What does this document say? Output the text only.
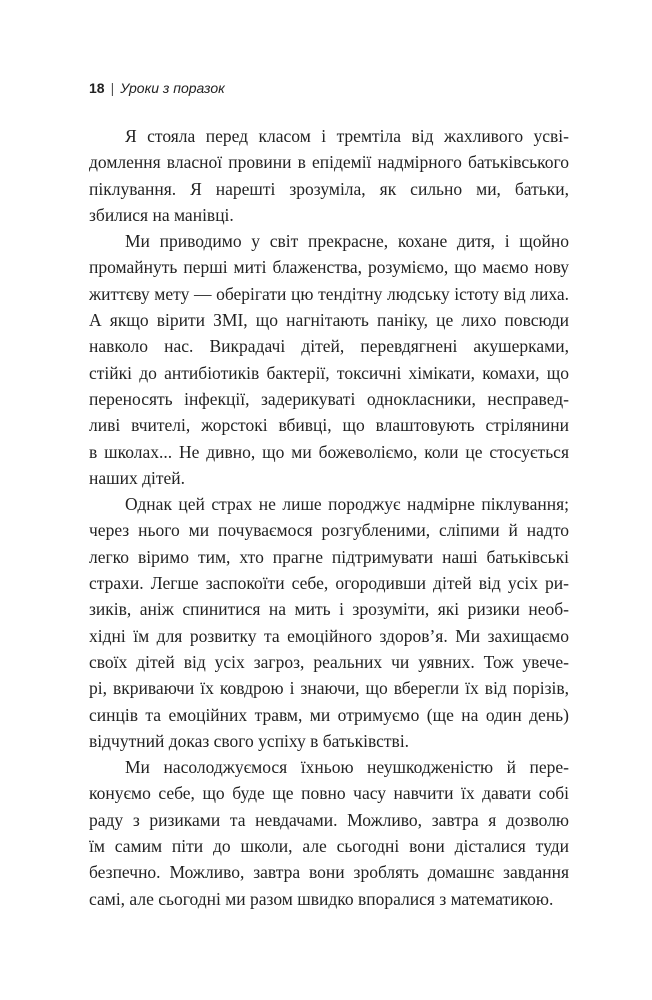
18 | Уроки з поразок
Я стояла перед класом і тремтіла від жахливого усві-
домлення власної провини в епідемії надмірного батьківського
піклування. Я нарешті зрозуміла, як сильно ми, батьки,
збилися на манівці.
Ми приводимо у світ прекрасне, кохане дитя, і щойно
промайнуть перші миті блаженства, розуміємо, що маємо нову
життєву мету — оберігати цю тендітну людську істоту від лиха.
А якщо вірити ЗМІ, що нагнітають паніку, це лихо повсюди
навколо нас. Викрадачі дітей, перевдягнені акушерками,
стійкі до антибіотиків бактерії, токсичні хімікати, комахи, що
переносять інфекції, задерикуваті однокласники, несправед-
ливі вчителі, жорстокі вбивці, що влаштовують стрілянини
в школах... Не дивно, що ми божеволіємо, коли це стосується
наших дітей.
Однак цей страх не лише породжує надмірне піклування;
через нього ми почуваємося розгубленими, сліпими й надто
легко віримо тим, хто прагне підтримувати наші батьківські
страхи. Легше заспокоїти себе, огородивши дітей від усіх ри-
зиків, аніж спинитися на мить і зрозуміти, які ризики необ-
хідні їм для розвитку та емоційного здоров’я. Ми захищаємо
своїх дітей від усіх загроз, реальних чи уявних. Тож увече-
рі, вкриваючи їх ковдрою і знаючи, що вберегли їх від порізів,
синців та емоційних травм, ми отримуємо (ще на один день)
відчутний доказ свого успіху в батьківстві.
Ми насолоджуємося їхньою неушкодженістю й пере-
конуємо себе, що буде ще повно часу навчити їх давати собі
раду з ризиками та невдачами. Можливо, завтра я дозволю
їм самим піти до школи, але сьогодні вони дісталися туди
безпечно. Можливо, завтра вони зроблять домашнє завдання
самі, але сьогодні ми разом швидко впоралися з математикою.
